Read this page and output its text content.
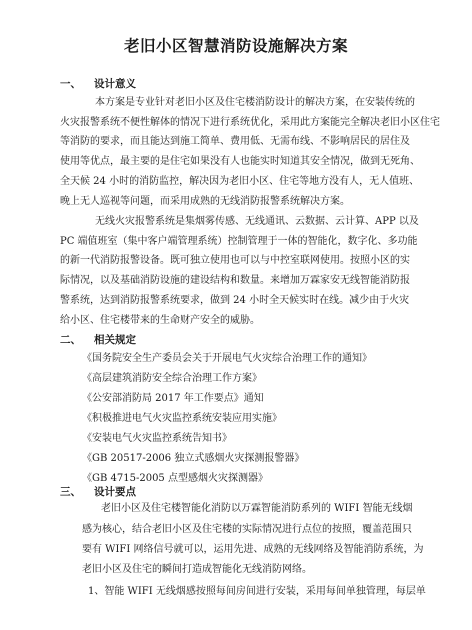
老旧小区智慧消防设施解决方案
一、 设计意义
本方案是专业针对老旧小区及住宅楼消防设计的解决方案，在安装传统的
火灾报警系统不便性解体的情况下进行系统优化，采用此方案能完全解决老旧小区住宅
等消防的要求，而且能达到施工简单、费用低、无需布线、不影响居民的居住及
使用等优点，最主要的是住宅如果没有人也能实时知道其安全情况，做到无死角、
全天候 24 小时的消防监控，解决因为老旧小区、住宅等地方没有人，无人值班、
晚上无人巡视等问题，而采用成熟的无线消防报警系统解决方案。
无线火灾报警系统是集烟雾传感、无线通讯、云数据、云计算、APP 以及
PC 端值班室（集中客户端管理系统）控制管理于一体的智能化，数字化、多功能
的新一代消防报警设备。既可独立使用也可以与中控室联网使用。按照小区的实
际情况，以及基础消防设施的建设结构和数量。来增加万霖家安无线智能消防报
警系统，达到消防报警系统要求，做到 24 小时全天候实时在线。减少由于火灾
给小区、住宅楼带来的生命财产安全的威胁。
二、 相关规定
《国务院安全生产委员会关于开展电气火灾综合治理工作的通知》
《高层建筑消防安全综合治理工作方案》
《公安部消防局 2017 年工作要点》通知
《积极推进电气火灾监控系统安装应用实施》
《安装电气火灾监控系统告知书》
《GB 20517-2006 独立式感烟火灾探测报警器》
《GB 4715-2005 点型感烟火灾探测器》
三、 设计要点
老旧小区及住宅楼智能化消防以万霖智能消防系列的 WIFI 智能无线烟
感为核心，结合老旧小区及住宅楼的实际情况进行点位的按照，覆盖范围只
要有 WIFI 网络信号就可以，运用先进、成熟的无线网络及智能消防系统，为
老旧小区及住宅的瞬间打造成智能化无线消防网络。
1、智能 WIFI 无线烟感按照每间房间进行安装，采用每间单独管理，每层单
